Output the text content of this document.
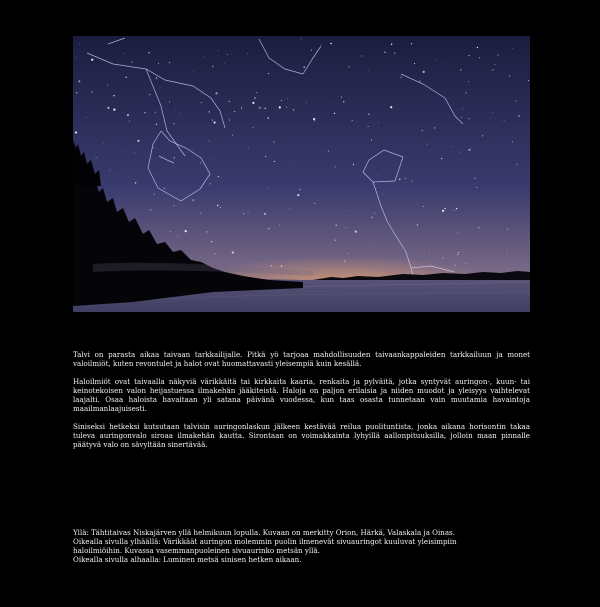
Talvi on parasta aikaa taivaan tarkkailijalle. Pitkä yö tarjoaa mahdollisuuden taivaankappaleiden tarkkailuun ja monet valoilmiöt, kuten revontulet ja halot ovat huomattavasti yleisempiä kuin kesällä.

Haloilmiöt ovat taivaalla näkyviä värikkäitä tai kirkkaita kaaria, renkaita ja pylväitä, jotka syntyvät auringon-, kuun- tai keinotekoisen valon heijastuessa ilmakehän jääkiteistä. Haloja on paljon erilaisia ja niiden muodot ja yleisyys vaihtelevat laajalti. Osaa haloista havaitaan yli satana päivänä vuodessa, kun taas osasta tunnetaan vain muutamia havaintoja maailmanlaajuisesti.

Siniseksi hetkeksi kutsutaan talvisin auringonlaskun jälkeen kestävää reilua puolituntista, jonka aikana horisontin takaa tuleva auringonvalo siroaa ilmakehän kautta. Sirontaan on voimakkainta lyhyillä aallonpituuksilla, jolloin maan pinnalle päätyvä valo on sävyltään sinertävää.

Yllä: Tähtitaivas Niskajärven yllä helmikuun lopulla. Kuvaan on merkitty Orion, Härkä, Valaskala ja Oinas.
Oikealla sivulla ylhäällä: Värikkäät auringon molemmin puolin ilmenevät sivuauringot kuuluvat yleisimpiin
haloilmiöihin. Kuvassa vasemmanpuoleinen sivuaurinko metsän yllä.
Oikealla sivulla alhaalla: Luminen metsä sinisen hetken aikaan.
